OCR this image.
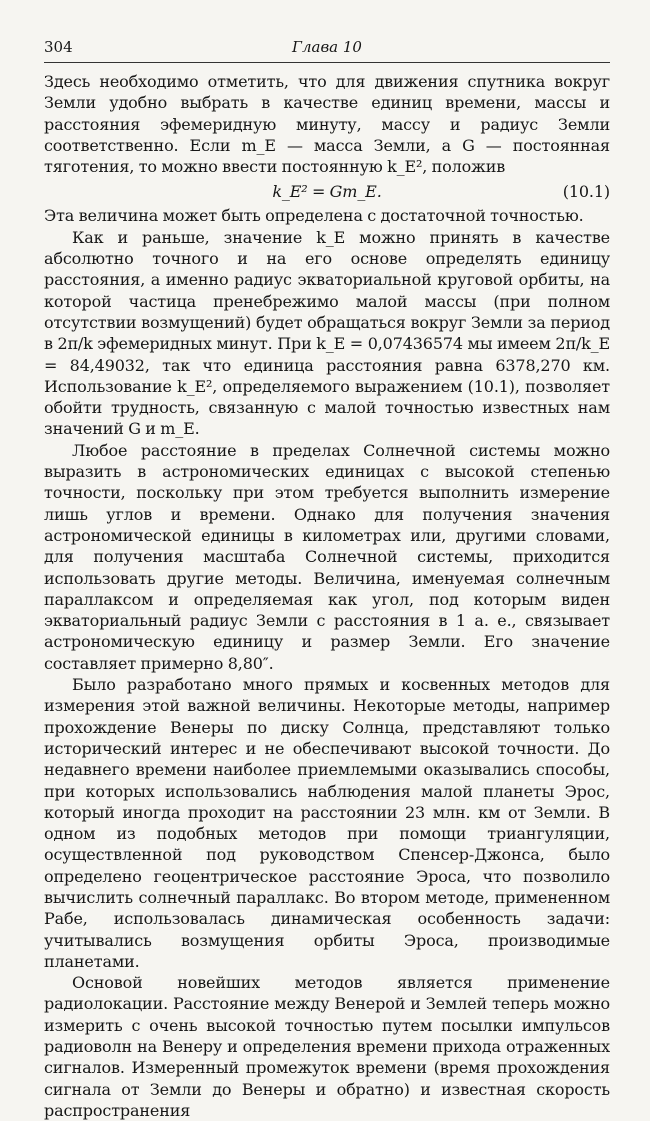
304	Глава 10

Здесь необходимо отметить, что для движения спутника вокруг Земли удобно выбрать в качестве единиц времени, массы и расстояния эфемеридную минуту, массу и радиус Земли соответственно. Если m_E — масса Земли, а G — постоянная тяготения, то можно ввести постоянную k_E², положив

k_E² = Gm_E.	(10.1)

Эта величина может быть определена с достаточной точностью.

Как и раньше, значение k_E можно принять в качестве абсолютно точного и на его основе определять единицу расстояния, а именно радиус экваториальной круговой орбиты, на которой частица пренебрежимо малой массы (при полном отсутствии возмущений) будет обращаться вокруг Земли за период в 2π/k эфемеридных минут. При k_E = 0,07436574 мы имеем 2π/k_E = 84,49032, так что единица расстояния равна 6378,270 км. Использование k_E², определяемого выражением (10.1), позволяет обойти трудность, связанную с малой точностью известных нам значений G и m_E.

Любое расстояние в пределах Солнечной системы можно выразить в астрономических единицах с высокой степенью точности, поскольку при этом требуется выполнить измерение лишь углов и времени. Однако для получения значения астрономической единицы в километрах или, другими словами, для получения масштаба Солнечной системы, приходится использовать другие методы. Величина, именуемая солнечным параллаксом и определяемая как угол, под которым виден экваториальный радиус Земли с расстояния в 1 а. е., связывает астрономическую единицу и размер Земли. Его значение составляет примерно 8,80″.

Было разработано много прямых и косвенных методов для измерения этой важной величины. Некоторые методы, например прохождение Венеры по диску Солнца, представляют только исторический интерес и не обеспечивают высокой точности. До недавнего времени наиболее приемлемыми оказывались способы, при которых использовались наблюдения малой планеты Эрос, который иногда проходит на расстоянии 23 млн. км от Земли. В одном из подобных методов при помощи триангуляции, осуществленной под руководством Спенсер-Джонса, было определено геоцентрическое расстояние Эроса, что позволило вычислить солнечный параллакс. Во втором методе, примененном Рабе, использовалась динамическая особенность задачи: учитывались возмущения орбиты Эроса, производимые планетами.

Основой новейших методов является применение радиолокации. Расстояние между Венерой и Землей теперь можно измерить с очень высокой точностью путем посылки импульсов радиоволн на Венеру и определения времени прихода отраженных сигналов. Измеренный промежуток времени (время прохождения сигнала от Земли до Венеры и обратно) и известная скорость распространения
